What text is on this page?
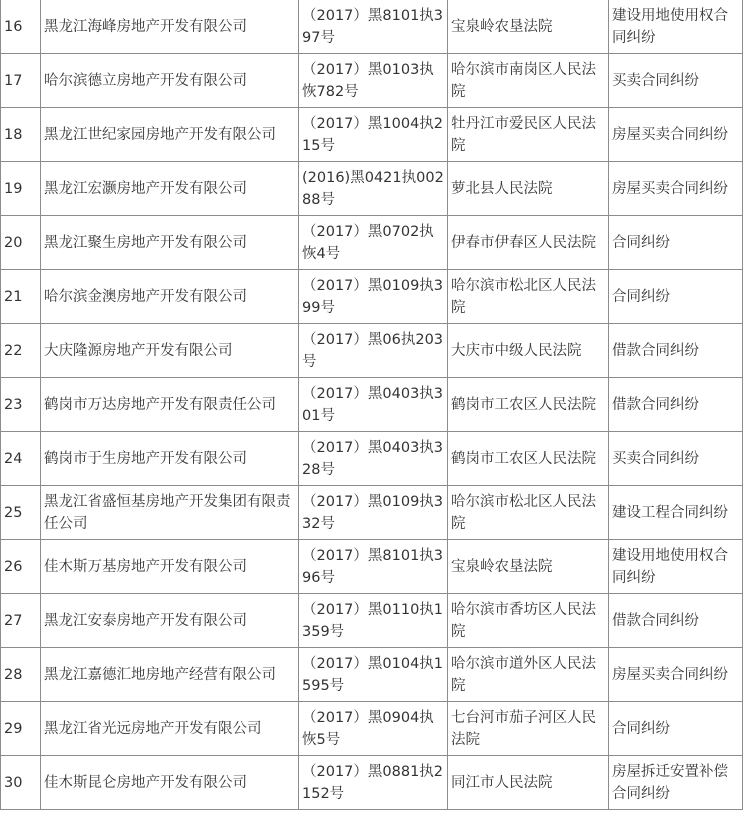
16	黑龙江海峰房地产开发有限公司	（2017）黑8101执397号	宝泉岭农垦法院	建设用地使用权合同纠纷
17	哈尔滨德立房地产开发有限公司	（2017）黑0103执恢782号	哈尔滨市南岗区人民法院	买卖合同纠纷
18	黑龙江世纪家园房地产开发有限公司	（2017）黑1004执215号	牡丹江市爱民区人民法院	房屋买卖合同纠纷
19	黑龙江宏灏房地产开发有限公司	(2016)黑0421执00288号	萝北县人民法院	房屋买卖合同纠纷
20	黑龙江聚生房地产开发有限公司	（2017）黑0702执恢4号	伊春市伊春区人民法院	合同纠纷
21	哈尔滨金澳房地产开发有限公司	（2017）黑0109执399号	哈尔滨市松北区人民法院	合同纠纷
22	大庆隆源房地产开发有限公司	（2017）黑06执203号	大庆市中级人民法院	借款合同纠纷
23	鹤岗市万达房地产开发有限责任公司	（2017）黑0403执301号	鹤岗市工农区人民法院	借款合同纠纷
24	鹤岗市于生房地产开发有限公司	（2017）黑0403执328号	鹤岗市工农区人民法院	买卖合同纠纷
25	黑龙江省盛恒基房地产开发集团有限责任公司	（2017）黑0109执332号	哈尔滨市松北区人民法院	建设工程合同纠纷
26	佳木斯万基房地产开发有限公司	（2017）黑8101执396号	宝泉岭农垦法院	建设用地使用权合同纠纷
27	黑龙江安泰房地产开发有限公司	（2017）黑0110执1359号	哈尔滨市香坊区人民法院	借款合同纠纷
28	黑龙江嘉德汇地房地产经营有限公司	（2017）黑0104执1595号	哈尔滨市道外区人民法院	房屋买卖合同纠纷
29	黑龙江省光远房地产开发有限公司	（2017）黑0904执恢5号	七台河市茄子河区人民法院	合同纠纷
30	佳木斯昆仑房地产开发有限公司	（2017）黑0881执2152号	同江市人民法院	房屋拆迁安置补偿合同纠纷
